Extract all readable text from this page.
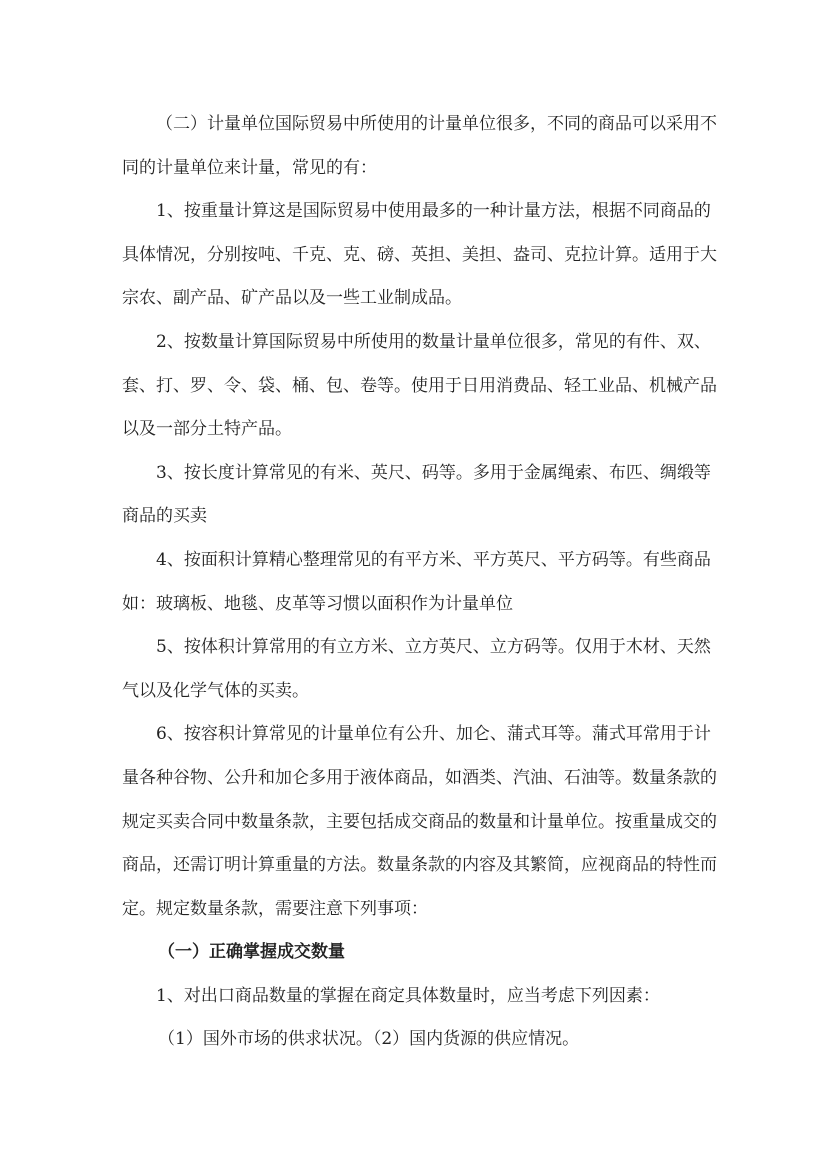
（二）计量单位国际贸易中所使用的计量单位很多，不同的商品可以采用不
同的计量单位来计量，常见的有：
1、按重量计算这是国际贸易中使用最多的一种计量方法，根据不同商品的
具体情况，分别按吨、千克、克、磅、英担、美担、盎司、克拉计算。适用于大
宗农、副产品、矿产品以及一些工业制成品。
2、按数量计算国际贸易中所使用的数量计量单位很多，常见的有件、双、
套、打、罗、令、袋、桶、包、卷等。使用于日用消费品、轻工业品、机械产品
以及一部分土特产品。
3、按长度计算常见的有米、英尺、码等。多用于金属绳索、布匹、绸缎等
商品的买卖
4、按面积计算精心整理常见的有平方米、平方英尺、平方码等。有些商品
如：玻璃板、地毯、皮革等习惯以面积作为计量单位
5、按体积计算常用的有立方米、立方英尺、立方码等。仅用于木材、天然
气以及化学气体的买卖。
6、按容积计算常见的计量单位有公升、加仑、蒲式耳等。蒲式耳常用于计
量各种谷物、公升和加仑多用于液体商品，如酒类、汽油、石油等。数量条款的
规定买卖合同中数量条款，主要包括成交商品的数量和计量单位。按重量成交的
商品，还需订明计算重量的方法。数量条款的内容及其繁简，应视商品的特性而
定。规定数量条款，需要注意下列事项：
（一）正确掌握成交数量
1、对出口商品数量的掌握在商定具体数量时，应当考虑下列因素：
（1）国外市场的供求状况。（2）国内货源的供应情况。
